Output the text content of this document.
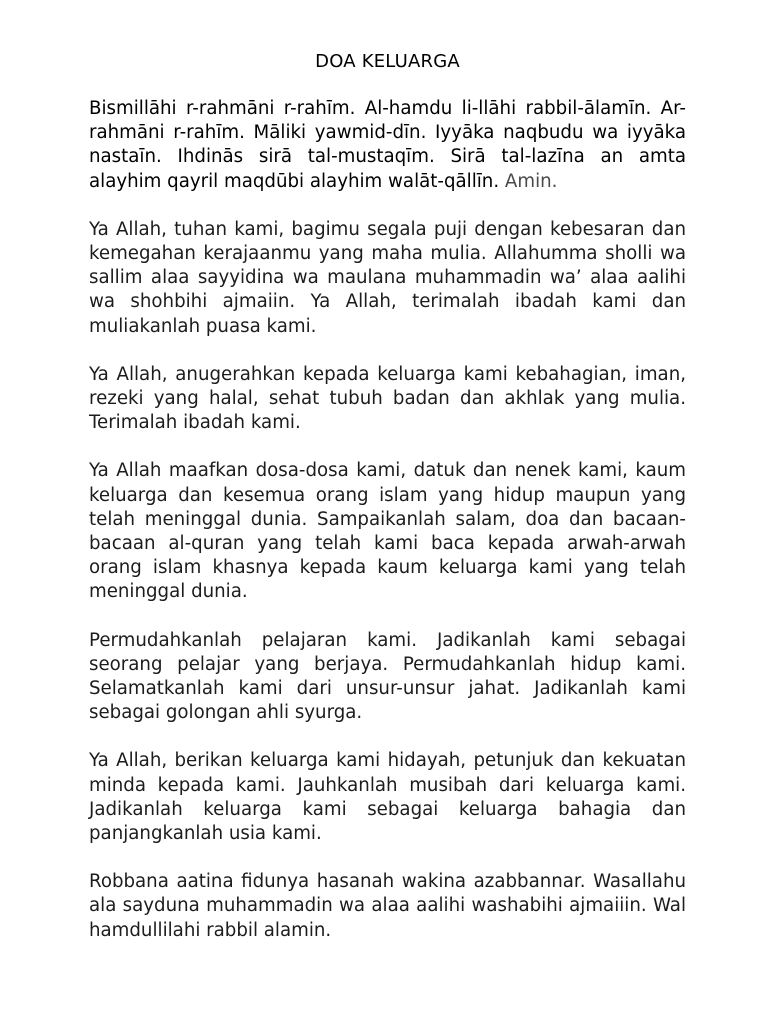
DOA KELUARGA

Bismillāhi r-rahmāni r-rahīm. Al-hamdu li-llāhi rabbil-ālamīn. Ar-rahmāni r-rahīm. Māliki yawmid-dīn. Iyyāka naqbudu wa iyyāka nastaīn. Ihdinās sirā tal-mustaqīm. Sirā tal-lazīna an amta alayhim qayril maqdūbi alayhim walāt-qāllīn. Amin.

Ya Allah, tuhan kami, bagimu segala puji dengan kebesaran dan kemegahan kerajaanmu yang maha mulia. Allahumma sholli wa sallim alaa sayyidina wa maulana muhammadin wa’ alaa aalihi wa shohbihi ajmaiin. Ya Allah, terimalah ibadah kami dan muliakanlah puasa kami.

Ya Allah, anugerahkan kepada keluarga kami kebahagian, iman, rezeki yang halal, sehat tubuh badan dan akhlak yang mulia. Terimalah ibadah kami.

Ya Allah maafkan dosa-dosa kami, datuk dan nenek kami, kaum keluarga dan kesemua orang islam yang hidup maupun yang telah meninggal dunia. Sampaikanlah salam, doa dan bacaan-bacaan al-quran yang telah kami baca kepada arwah-arwah orang islam khasnya kepada kaum keluarga kami yang telah meninggal dunia.

Permudahkanlah pelajaran kami. Jadikanlah kami sebagai seorang pelajar yang berjaya. Permudahkanlah hidup kami. Selamatkanlah kami dari unsur-unsur jahat. Jadikanlah kami sebagai golongan ahli syurga.

Ya Allah, berikan keluarga kami hidayah, petunjuk dan kekuatan minda kepada kami. Jauhkanlah musibah dari keluarga kami. Jadikanlah keluarga kami sebagai keluarga bahagia dan panjangkanlah usia kami.

Robbana aatina fidunya hasanah wakina azabbannar. Wasallahu ala sayduna muhammadin wa alaa aalihi washabihi ajmaiiin. Wal hamdullilahi rabbil alamin.
